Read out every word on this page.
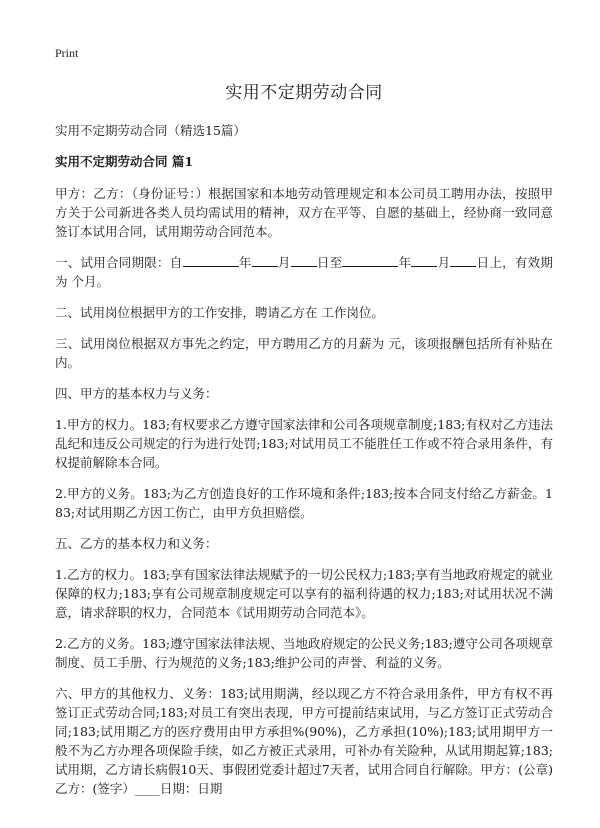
Print
实用不定期劳动合同
实用不定期劳动合同（精选15篇）
实用不定期劳动合同 篇1
甲方：乙方：（身份证号：）根据国家和本地劳动管理规定和本公司员工聘用办法，按照甲方关于公司新进各类人员均需试用的精神，双方在平等、自愿的基础上，经协商一致同意签订本试用合同，试用期劳动合同范本。
一、试用合同期限：自	年 月 日至	年 月 日上，有效期为 个月。
二、试用岗位根据甲方的工作安排，聘请乙方在 工作岗位。
三、试用岗位根据双方事先之约定，甲方聘用乙方的月薪为 元，该项报酬包括所有补贴在内。
四、甲方的基本权力与义务：
1.甲方的权力。183;有权要求乙方遵守国家法律和公司各项规章制度;183;有权对乙方违法乱纪和违反公司规定的行为进行处罚;183;对试用员工不能胜任工作或不符合录用条件，有权提前解除本合同。
2.甲方的义务。183;为乙方创造良好的工作环境和条件;183;按本合同支付给乙方薪金。183;对试用期乙方因工伤亡，由甲方负担赔偿。
五、乙方的基本权力和义务：
1.乙方的权力。183;享有国家法律法规赋予的一切公民权力;183;享有当地政府规定的就业保障的权力;183;享有公司规章制度规定可以享有的福利待遇的权力;183;对试用状况不满意，请求辞职的权力，合同范本《试用期劳动合同范本》。
2.乙方的义务。183;遵守国家法律法规、当地政府规定的公民义务;183;遵守公司各项规章制度、员工手册、行为规范的义务;183;维护公司的声誉、利益的义务。
六、甲方的其他权力、义务：183;试用期满，经以现乙方不符合录用条件，甲方有权不再签订正式劳动合同;183;对员工有突出表现，甲方可提前结束试用，与乙方签订正式劳动合同;183;试用期乙方的医疗费用由甲方承担%(90%)，乙方承担(10%);183;试用期甲方一般不为乙方办理各项保险手续，如乙方被正式录用，可补办有关险种，从试用期起算;183;试用期，乙方请长病假10天、事假团党委计超过7天者，试用合同自行解除。甲方：(公章)乙方：(签字）____日期：日期
